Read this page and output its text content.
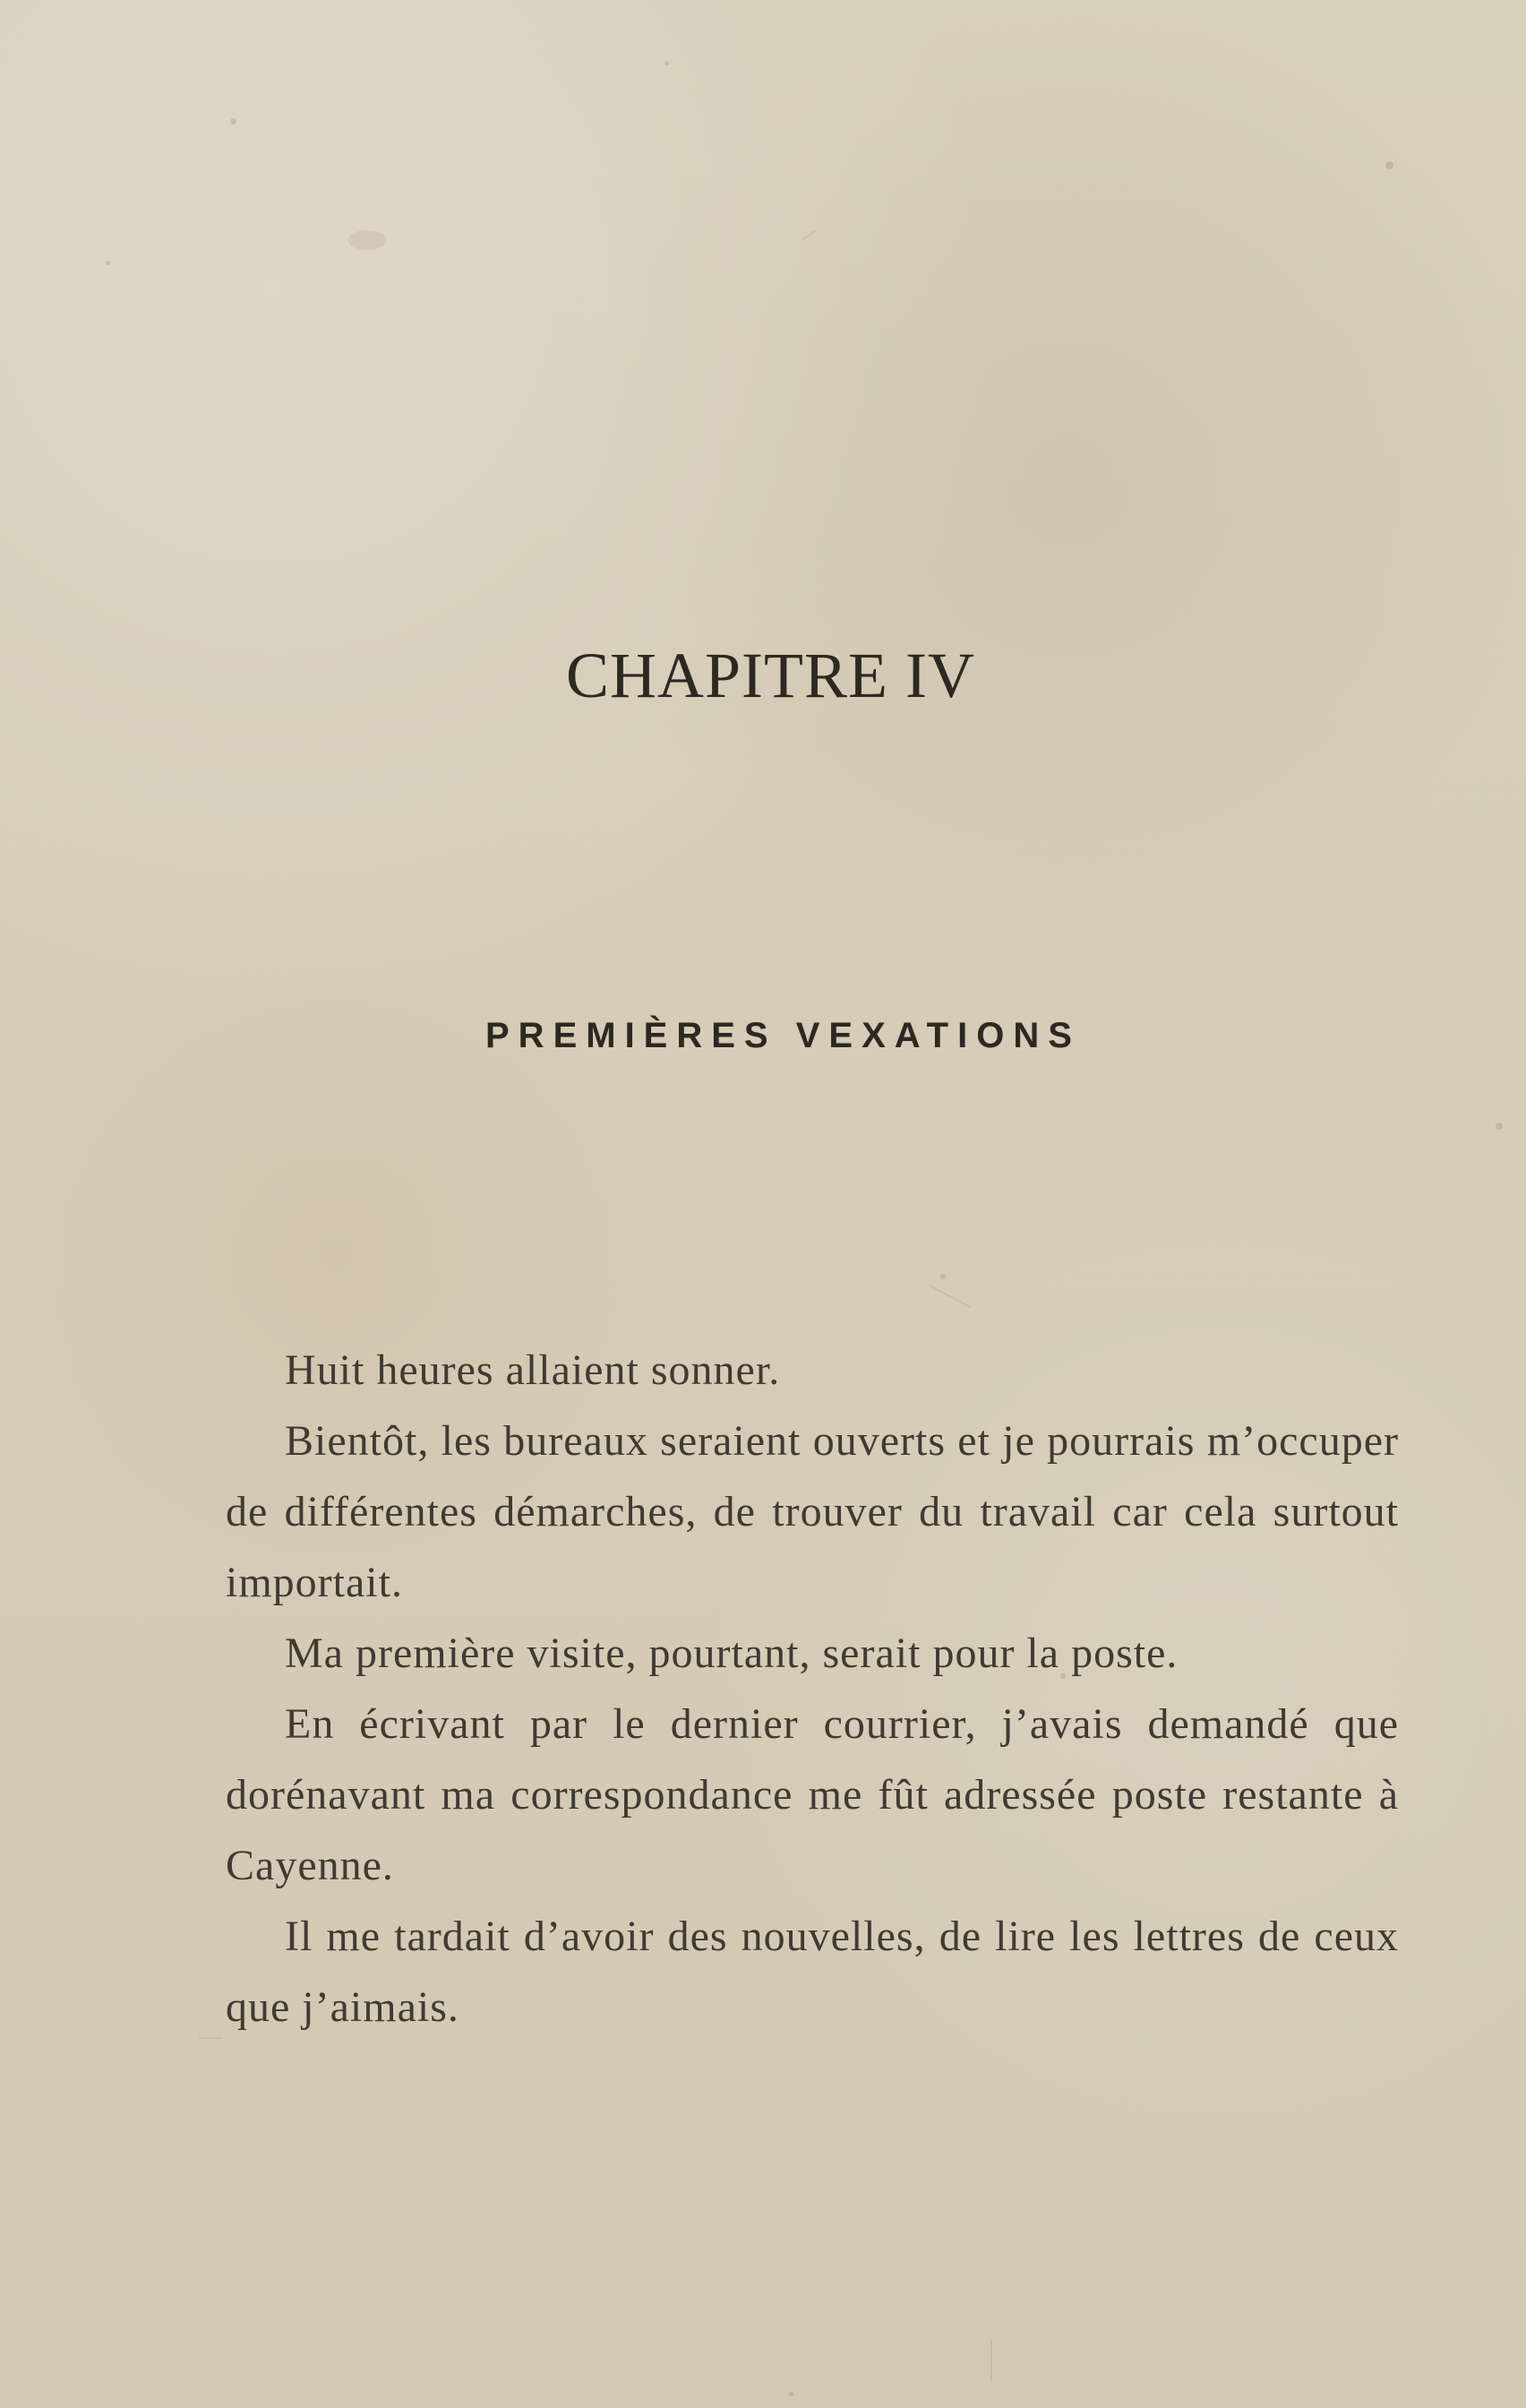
CHAPITRE IV
PREMIÈRES VEXATIONS

Huit heures allaient sonner.

Bientôt, les bureaux seraient ouverts et je pourrais m’occuper de différentes démarches, de trouver du travail car cela surtout importait.

Ma première visite, pourtant, serait pour la poste.

En écrivant par le dernier courrier, j’avais demandé que dorénavant ma correspondance me fût adressée poste restante à Cayenne.

Il me tardait d’avoir des nouvelles, de lire les lettres de ceux que j’aimais.
